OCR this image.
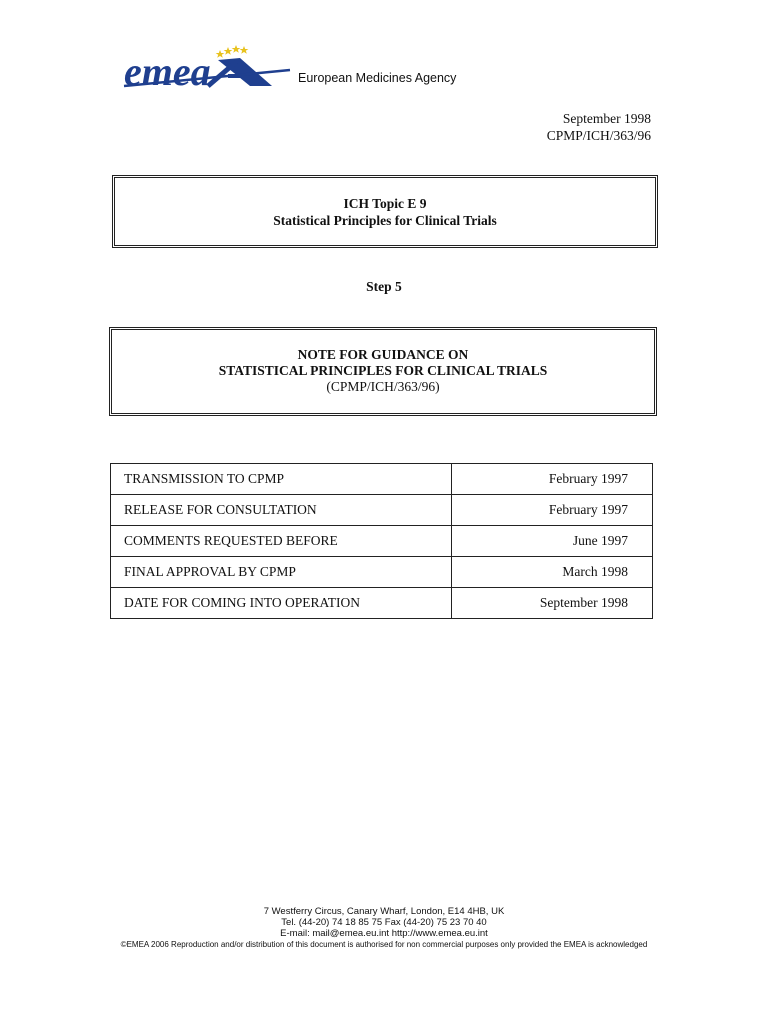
emea	European Medicines Agency
September 1998
CPMP/ICH/363/96
ICH Topic E 9
Statistical Principles for Clinical Trials
Step 5
NOTE FOR GUIDANCE ON
STATISTICAL PRINCIPLES FOR CLINICAL TRIALS
(CPMP/ICH/363/96)
TRANSMISSION TO CPMP	February 1997
RELEASE FOR CONSULTATION	February 1997
COMMENTS REQUESTED BEFORE	June 1997
FINAL APPROVAL BY CPMP	March 1998
DATE FOR COMING INTO OPERATION	September 1998
7 Westferry Circus, Canary Wharf, London, E14 4HB, UK
Tel. (44-20) 74 18 85 75 Fax (44-20) 75 23 70 40
E-mail: mail@emea.eu.int http://www.emea.eu.int
©EMEA 2006 Reproduction and/or distribution of this document is authorised for non commercial purposes only provided the EMEA is acknowledged
